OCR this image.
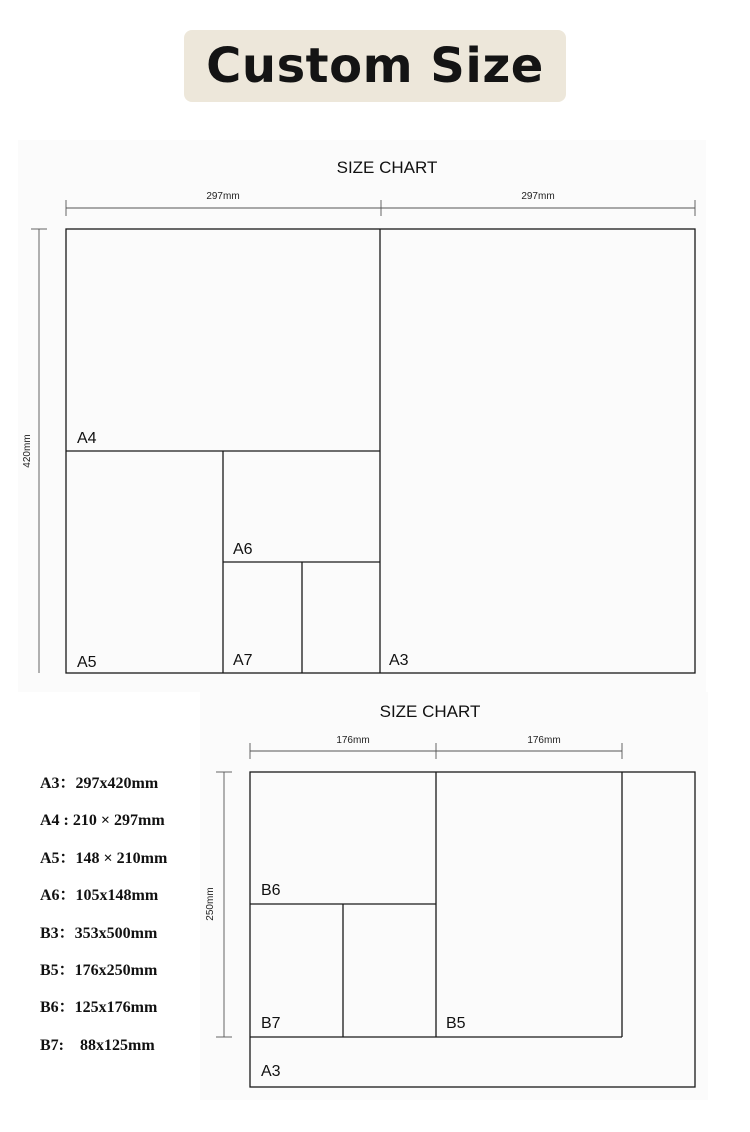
Custom Size
SIZE CHART
297mm	297mm
420mm	A4
A6
A5	A7	A3
SIZE CHART
176mm	176mm
250mm	B6
B7	B5
A3
A3：297x420mm
A4 : 210 × 297mm
A5：148 × 210mm
A6：105x148mm
B3：353x500mm
B5：176x250mm
B6：125x176mm
B7:    88x125mm
